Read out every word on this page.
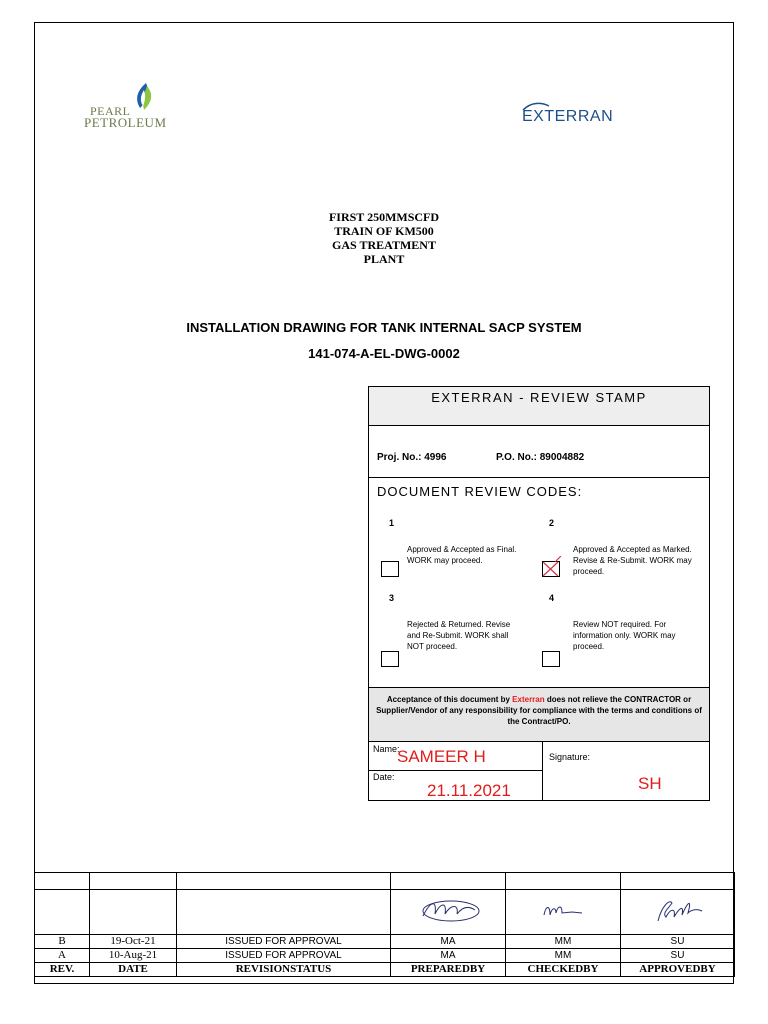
PEARL
PETROLEUM	EXTERRAN
FIRST 250MMSCFD
TRAIN OF KM500
GAS TREATMENT
PLANT
INSTALLATION DRAWING FOR TANK INTERNAL SACP SYSTEM
141-074-A-EL-DWG-0002
EXTERRAN - REVIEW STAMP
Proj. No.: 4996	P.O. No.: 89004882
DOCUMENT REVIEW CODES:
1
Approved & Accepted as Final. WORK may proceed.
2
Approved & Accepted as Marked. Revise & Re-Submit. WORK may proceed.
3
Rejected & Returned. Revise and Re-Submit. WORK shall NOT proceed.
4
Review NOT required. For information only. WORK may proceed.
Acceptance of this document by Exterran does not relieve the CONTRACTOR or Supplier/Vendor of any responsibility for compliance with the terms and conditions of the Contract/PO.
Name:
SAMEER H
Date:
21.11.2021
Signature:
SH

B	19-Oct-21	ISSUED FOR APPROVAL	MA	MM	SU
A	10-Aug-21	ISSUED FOR APPROVAL	MA	MM	SU
REV.	DATE	REVISIONSTATUS	PREPAREDBY	CHECKEDBY	APPROVEDBY
